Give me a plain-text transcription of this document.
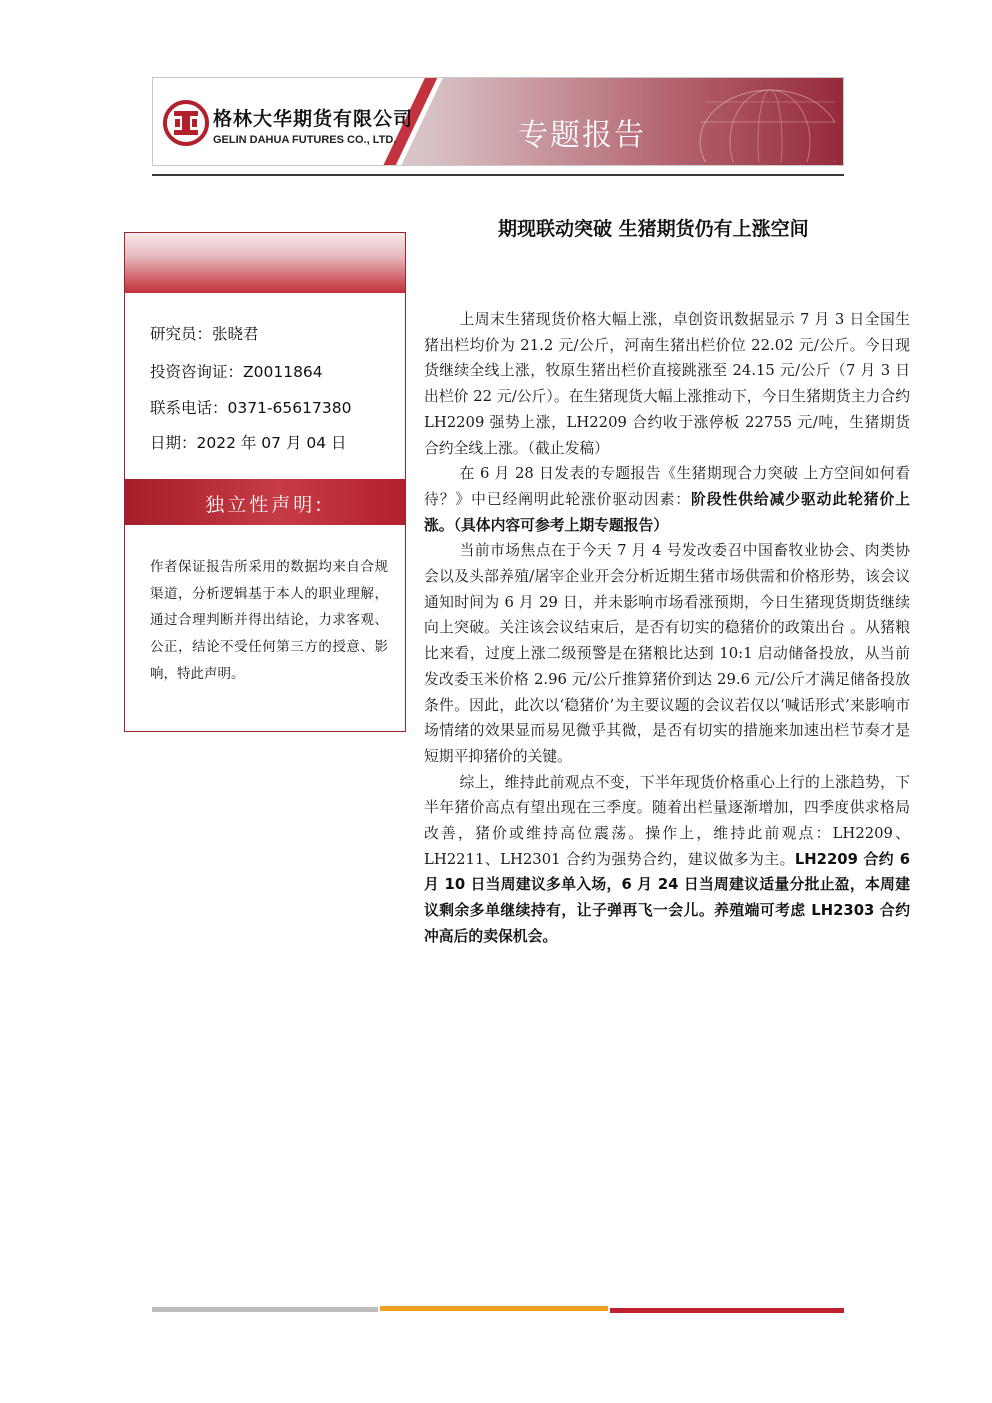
格林大华期货有限公司
GELIN DAHUA FUTURES CO., LTD.	专题报告
期现联动突破 生猪期货仍有上涨空间
研究员：张晓君
投资咨询证：Z0011864
联系电话：0371-65617380
日期：2022 年 07 月 04 日
独立性声明:
作者保证报告所采用的数据均来自合规渠道，分析逻辑基于本人的职业理解，通过合理判断并得出结论，力求客观、公正，结论不受任何第三方的授意、影响，特此声明。

上周末生猪现货价格大幅上涨，卓创资讯数据显示 7 月 3 日全国生猪出栏均价为 21.2 元/公斤，河南生猪出栏价位 22.02 元/公斤。今日现货继续全线上涨，牧原生猪出栏价直接跳涨至 24.15 元/公斤（7 月 3 日出栏价 22 元/公斤）。在生猪现货大幅上涨推动下，今日生猪期货主力合约 LH2209 强势上涨，LH2209 合约收于涨停板 22755 元/吨，生猪期货合约全线上涨。（截止发稿）

在 6 月 28 日发表的专题报告《生猪期现合力突破 上方空间如何看待？》中已经阐明此轮涨价驱动因素：阶段性供给减少驱动此轮猪价上涨。（具体内容可参考上期专题报告）

当前市场焦点在于今天 7 月 4 号发改委召中国畜牧业协会、肉类协会以及头部养殖/屠宰企业开会分析近期生猪市场供需和价格形势，该会议通知时间为 6 月 29 日，并未影响市场看涨预期，今日生猪现货期货继续向上突破。关注该会议结束后，是否有切实的稳猪价的政策出台 。从猪粮比来看，过度上涨二级预警是在猪粮比达到 10:1 启动储备投放，从当前发改委玉米价格 2.96 元/公斤推算猪价到达 29.6 元/公斤才满足储备投放条件。因此，此次以‘稳猪价’为主要议题的会议若仅以‘喊话形式’来影响市场情绪的效果显而易见微乎其微，是否有切实的措施来加速出栏节奏才是短期平抑猪价的关键。

综上，维持此前观点不变，下半年现货价格重心上行的上涨趋势，下半年猪价高点有望出现在三季度。随着出栏量逐渐增加，四季度供求格局改善，猪价或维持高位震荡。操作上，维持此前观点：LH2209、LH2211、LH2301 合约为强势合约，建议做多为主。LH2209 合约 6 月 10 日当周建议多单入场，6 月 24 日当周建议适量分批止盈，本周建议剩余多单继续持有，让子弹再飞一会儿。养殖端可考虑 LH2303 合约冲高后的卖保机会。
